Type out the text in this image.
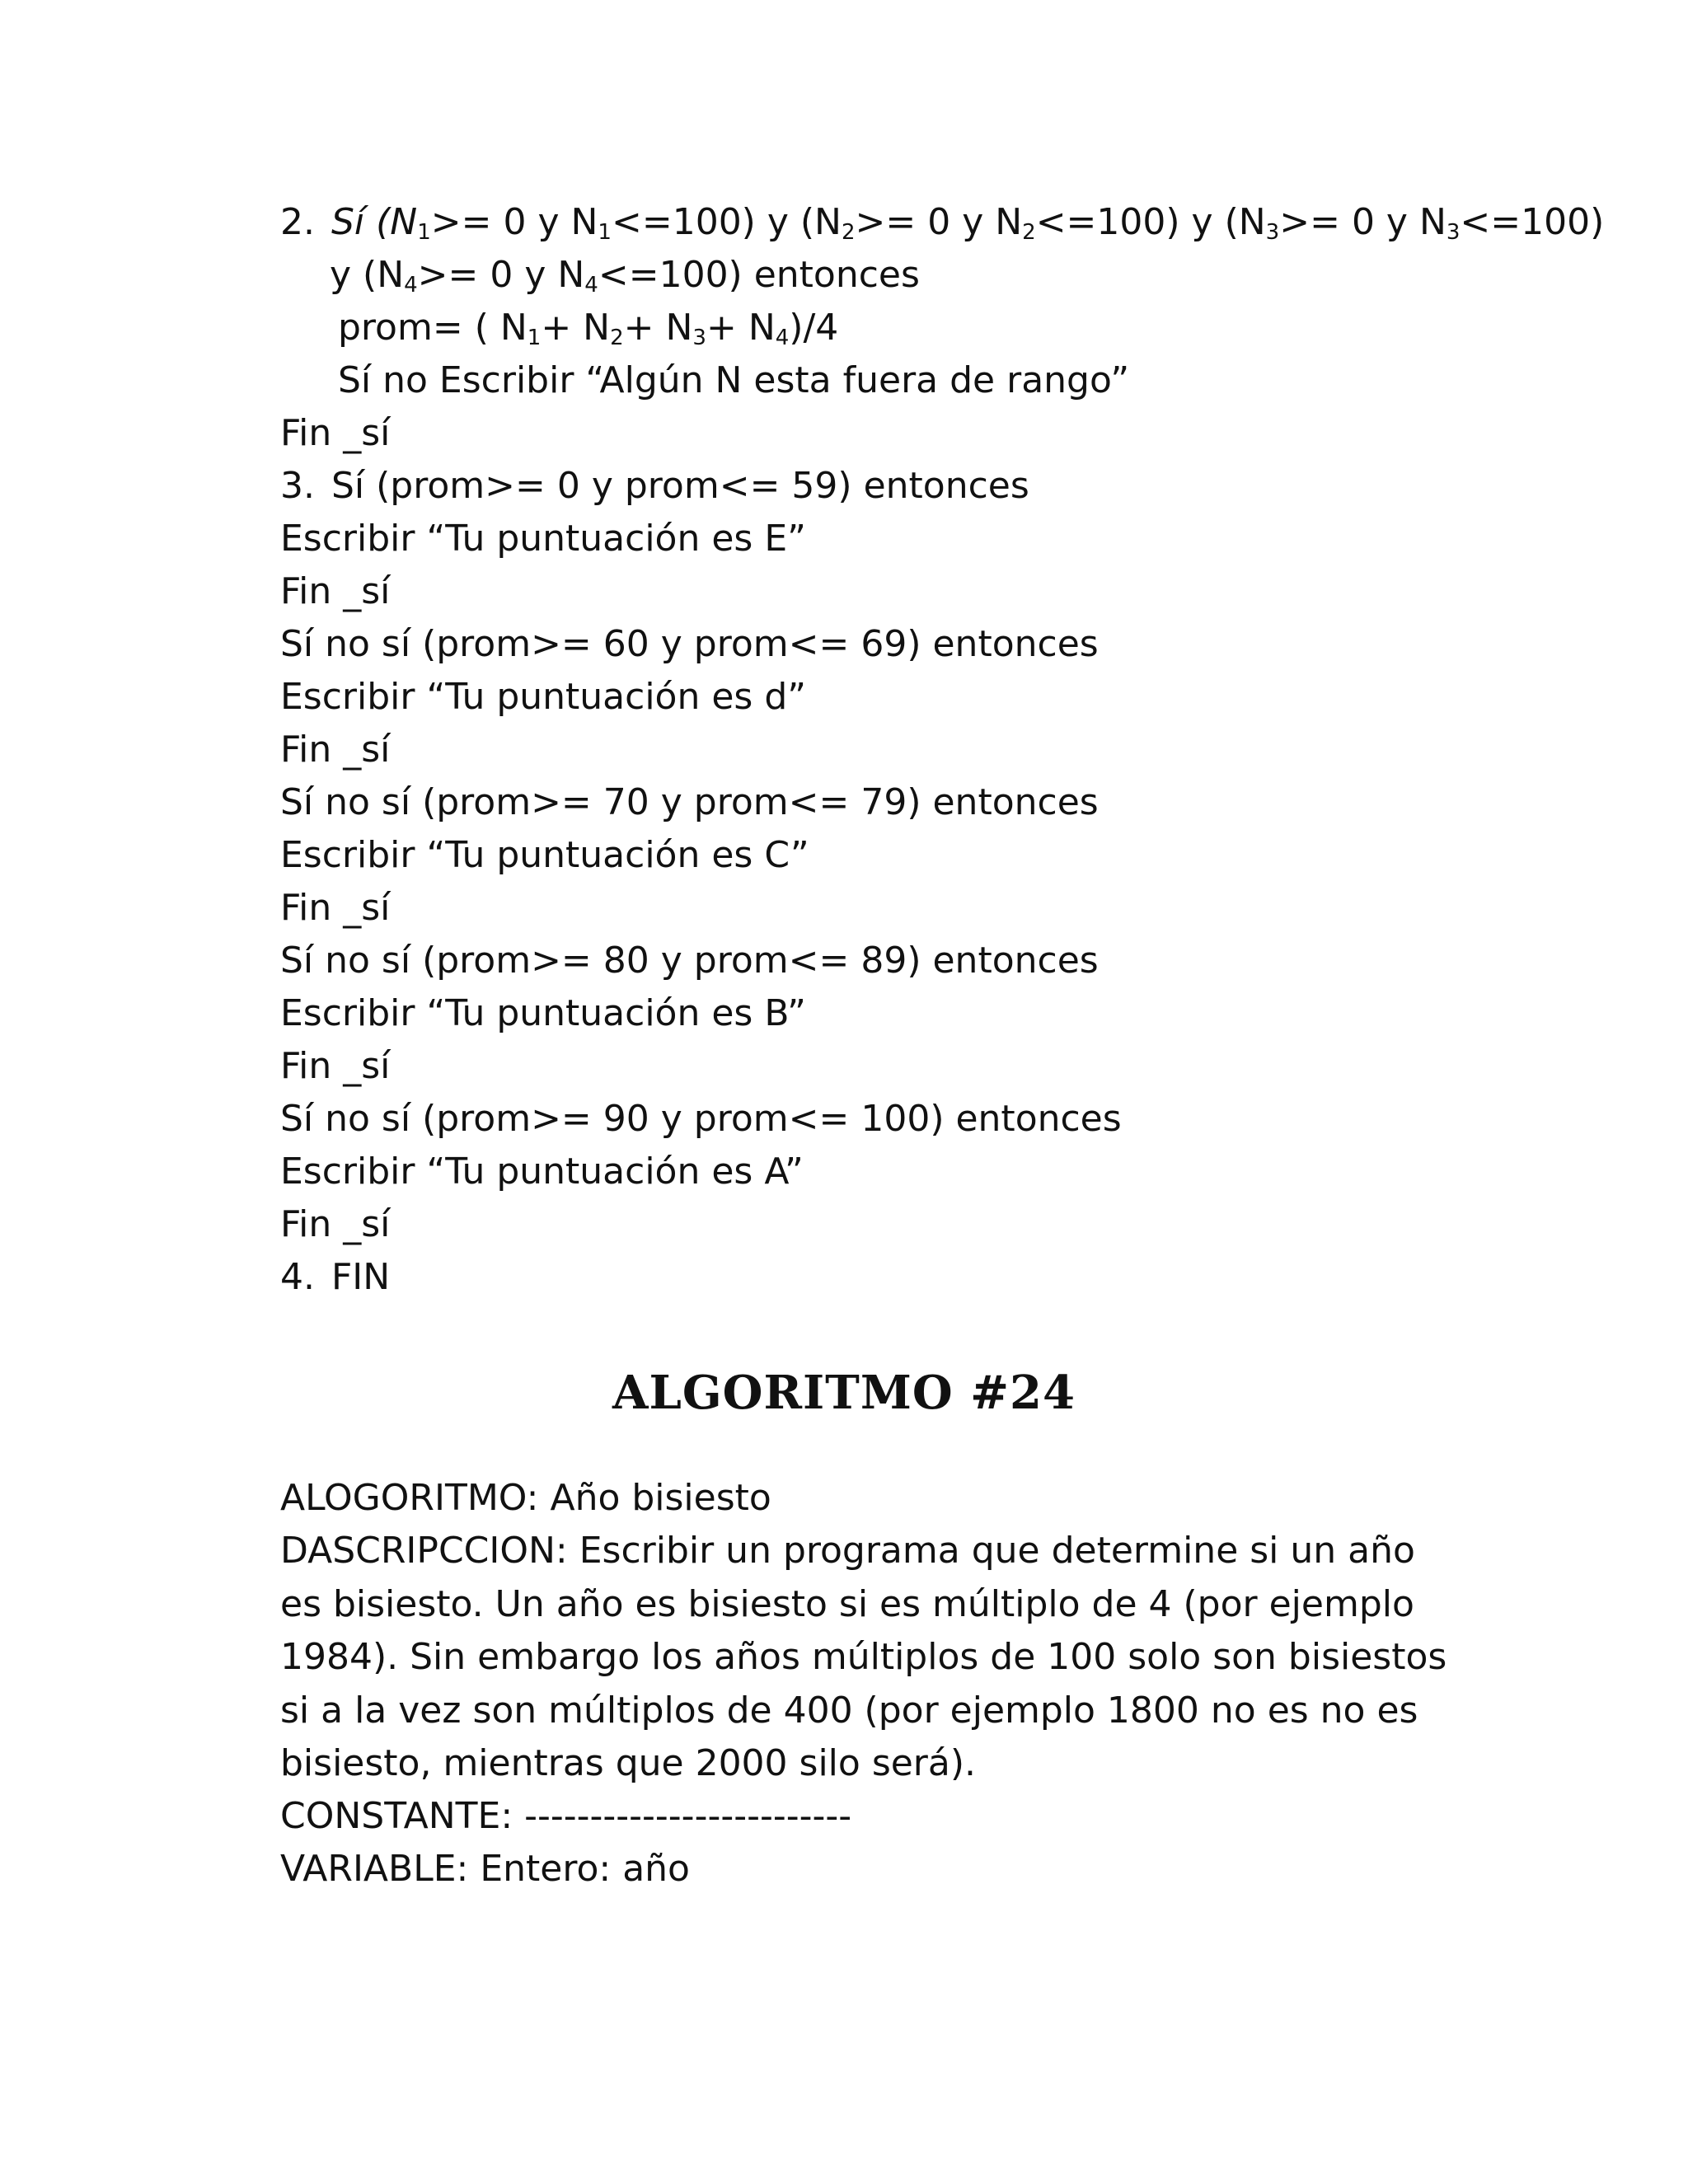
2. Sí ($N_1>= 0$ y $N_1<=100$) y ($N_2>= 0$ y $N_2<=100$) y ($N_3>= 0$ y $N_3<=100$)
y ($N_4>= 0$ y $N_4<=100$) entonces
prom= ( $N_1+ N_2+ N_3+ N_4)/4$
Sí no Escribir “Algún N esta fuera de rango”
Fin _sí
3. Sí (prom>= 0 y prom<= 59) entonces
Escribir “Tu puntuación es E”
Fin _sí
Sí no sí (prom>= 60 y prom<= 69) entonces
Escribir “Tu puntuación es d”
Fin _sí
Sí no sí (prom>= 70 y prom<= 79) entonces
Escribir “Tu puntuación es C”
Fin _sí
Sí no sí (prom>= 80 y prom<= 89) entonces
Escribir “Tu puntuación es B”
Fin _sí
Sí no sí (prom>= 90 y prom<= 100) entonces
Escribir “Tu puntuación es A”
Fin _sí
4. FIN
ALGORITMO #24
ALOGORITMO: Año bisiesto
DASCRIPCCION: Escribir un programa que determine si un año es bisiesto. Un año es bisiesto si es múltiplo de 4 (por ejemplo 1984). Sin embargo los años múltiplos de 100 solo son bisiestos si a la vez son múltiplos de 400 (por ejemplo 1800 no es no es bisiesto, mientras que 2000 silo será).
CONSTANTE: -------------------------
VARIABLE: Entero: año
